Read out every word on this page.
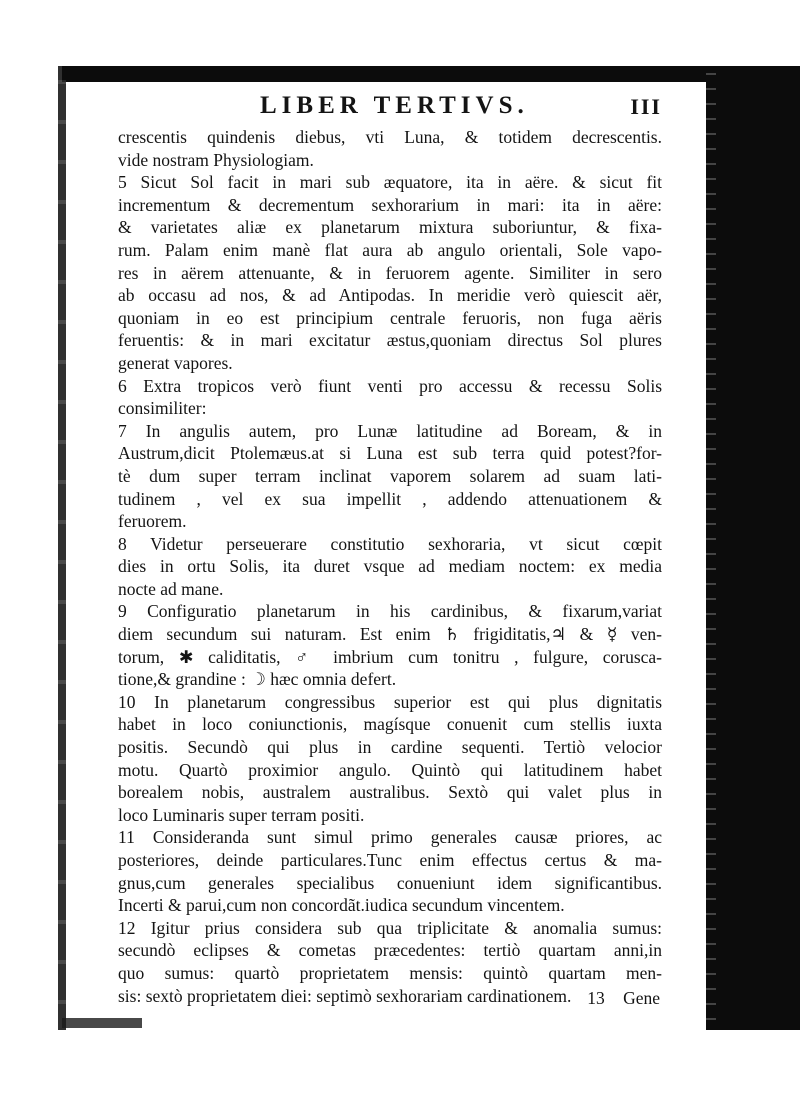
LIBER TERTIVS.	III
crescentis quindenis diebus, vti Luna, & totidem decrescentis.
vide nostram Physiologiam.
5 Sicut Sol facit in mari sub æquatore, ita in aëre. & sicut fit
incrementum & decrementum sexhorarium in mari: ita in aëre:
& varietates aliæ ex planetarum mixtura suboriuntur, & fixa-
rum. Palam enim manè flat aura ab angulo orientali, Sole vapo-
res in aërem attenuante, & in feruorem agente. Similiter in sero
ab occasu ad nos, & ad Antipodas. In meridie verò quiescit aër,
quoniam in eo est principium centrale feruoris, non fuga aëris
feruentis: & in mari excitatur æstus,quoniam directus Sol plures
generat vapores.
6 Extra tropicos verò fiunt venti pro accessu & recessu Solis
consimiliter:
7 In angulis autem, pro Lunæ latitudine ad Boream, & in
Austrum,dicit Ptolemæus.at si Luna est sub terra quid potest?for-
tè dum super terram inclinat vaporem solarem ad suam lati-
tudinem , vel ex sua impellit , addendo attenuationem &
feruorem.
8 Videtur perseuerare constitutio sexhoraria, vt sicut cœpit
dies in ortu Solis, ita duret vsque ad mediam noctem: ex media
nocte ad mane.
9 Configuratio planetarum in his cardinibus, & fixarum,variat
diem secundum sui naturam. Est enim ♄ frigiditatis,♃ & ☿ ven-
torum, ✱ caliditatis, ♂ imbrium cum tonitru , fulgure, corusca-
tione,& grandine : ☽ hæc omnia defert.
10 In planetarum congressibus superior est qui plus dignitatis
habet in loco coniunctionis, magísque conuenit cum stellis iuxta
positis. Secundò qui plus in cardine sequenti. Tertiò velocior
motu. Quartò proximior angulo. Quintò qui latitudinem habet
borealem nobis, australem australibus. Sextò qui valet plus in
loco Luminaris super terram positi.
11 Consideranda sunt simul primo generales causæ priores, ac
posteriores, deinde particulares.Tunc enim effectus certus & ma-
gnus,cum generales specialibus conueniunt idem significantibus.
Incerti & parui,cum non concordãt.iudica secundum vincentem.
12 Igitur prius considera sub qua triplicitate & anomalia sumus:
secundò eclipses & cometas præcedentes: tertiò quartam anni,in
quo sumus: quartò proprietatem mensis: quintò quartam men-
sis: sextò proprietatem diei: septimò sexhorariam cardinationem. 13 Gene
